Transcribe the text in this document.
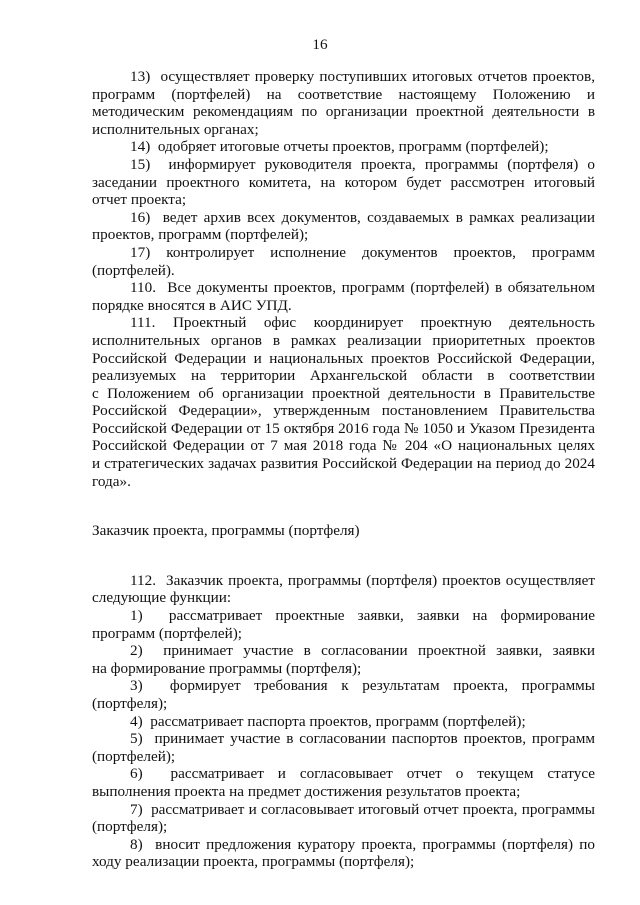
16

13)  осуществляет проверку поступивших итоговых отчетов проектов, программ (портфелей) на соответствие настоящему Положению и методическим рекомендациям по организации проектной деятельности в исполнительных органах;

14)  одобряет итоговые отчеты проектов, программ (портфелей);

15)  информирует руководителя проекта, программы (портфеля) о заседании проектного комитета, на котором будет рассмотрен итоговый отчет проекта;

16)  ведет архив всех документов, создаваемых в рамках реализации проектов, программ (портфелей);

17) контролирует исполнение документов проектов, программ (портфелей).

110.  Все документы проектов, программ (портфелей) в обязательном порядке вносятся в АИС УПД.

111. Проектный офис координирует проектную деятельность исполнительных органов в рамках реализации приоритетных проектов Российской Федерации и национальных проектов Российской Федерации, реализуемых на территории Архангельской области в соответствии с Положением об организации проектной деятельности в Правительстве Российской Федерации», утвержденным постановлением Правительства Российской Федерации от 15 октября 2016 года № 1050 и Указом Президента Российской Федерации от 7 мая 2018 года № 204 «О национальных целях и стратегических задачах развития Российской Федерации на период до 2024 года».

Заказчик проекта, программы (портфеля)

112.  Заказчик проекта, программы (портфеля) проектов осуществляет следующие функции:

1)  рассматривает проектные заявки, заявки на формирование программ (портфелей);

2)  принимает участие в согласовании проектной заявки, заявки на формирование программы (портфеля);

3)  формирует требования к результатам проекта, программы (портфеля);

4)  рассматривает паспорта проектов, программ (портфелей);

5)  принимает участие в согласовании паспортов проектов, программ (портфелей);

6)  рассматривает и согласовывает отчет о текущем статусе выполнения проекта на предмет достижения результатов проекта;

7)  рассматривает и согласовывает итоговый отчет проекта, программы (портфеля);

8)  вносит предложения куратору проекта, программы (портфеля) по ходу реализации проекта, программы (портфеля);
